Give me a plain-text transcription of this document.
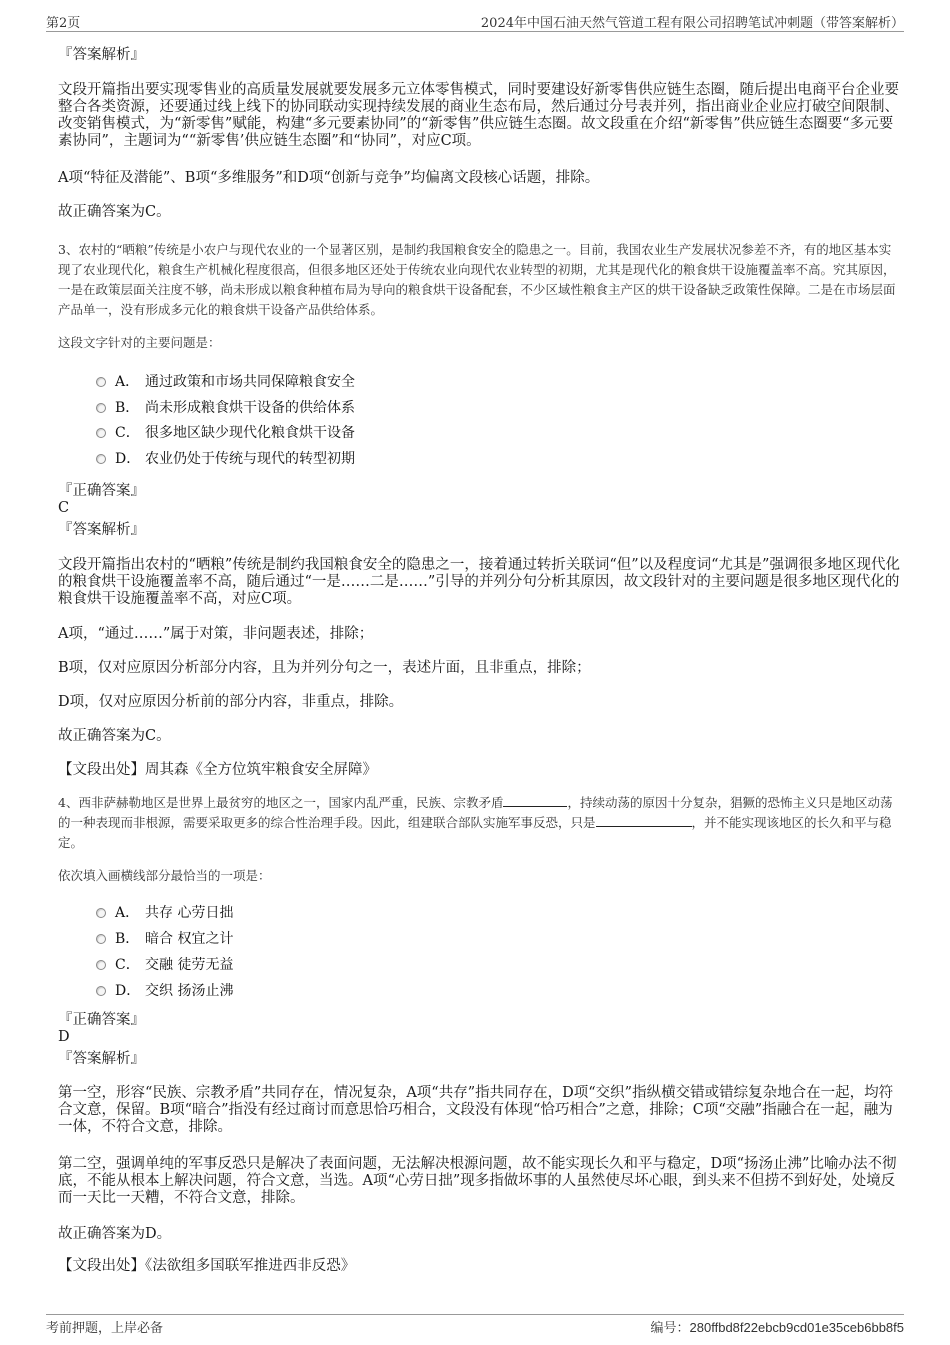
第2页	2024年中国石油天然气管道工程有限公司招聘笔试冲刺题（带答案解析）
『答案解析』
文段开篇指出要实现零售业的高质量发展就要发展多元立体零售模式，同时要建设好新零售供应链生态圈，随后提出电商平台企业要整合各类资源，还要通过线上线下的协同联动实现持续发展的商业生态布局，然后通过分号表并列，指出商业企业应打破空间限制、改变销售模式，为“新零售”赋能，构建“多元要素协同”的“新零售”供应链生态圈。故文段重在介绍“新零售”供应链生态圈要“多元要素协同”，主题词为““新零售’供应链生态圈”和“协同”，对应C项。
A项“特征及潜能”、B项“多维服务”和D项“创新与竞争”均偏离文段核心话题，排除。
故正确答案为C。
3、农村的“晒粮”传统是小农户与现代农业的一个显著区别，是制约我国粮食安全的隐患之一。目前，我国农业生产发展状况参差不齐，有的地区基本实现了农业现代化，粮食生产机械化程度很高，但很多地区还处于传统农业向现代农业转型的初期，尤其是现代化的粮食烘干设施覆盖率不高。究其原因，一是在政策层面关注度不够，尚未形成以粮食种植布局为导向的粮食烘干设备配套，不少区域性粮食主产区的烘干设备缺乏政策性保障。二是在市场层面产品单一，没有形成多元化的粮食烘干设备产品供给体系。
这段文字针对的主要问题是：
A． 通过政策和市场共同保障粮食安全
B． 尚未形成粮食烘干设备的供给体系
C． 很多地区缺少现代化粮食烘干设备
D． 农业仍处于传统与现代的转型初期
『正确答案』
C
『答案解析』
文段开篇指出农村的“晒粮”传统是制约我国粮食安全的隐患之一，接着通过转折关联词“但”以及程度词“尤其是”强调很多地区现代化的粮食烘干设施覆盖率不高，随后通过“一是……二是……”引导的并列分句分析其原因，故文段针对的主要问题是很多地区现代化的粮食烘干设施覆盖率不高，对应C项。
A项，“通过……”属于对策，非问题表述，排除；
B项，仅对应原因分析部分内容，且为并列分句之一，表述片面，且非重点，排除；
D项，仅对应原因分析前的部分内容，非重点，排除。
故正确答案为C。
【文段出处】周其森《全方位筑牢粮食安全屏障》
4、西非萨赫勒地区是世界上最贫穷的地区之一，国家内乱严重，民族、宗教矛盾	，持续动荡的原因十分复杂，猖獗的恐怖主义只是地区动荡的一种表现而非根源，需要采取更多的综合性治理手段。因此，组建联合部队实施军事反恐，只是	，并不能实现该地区的长久和平与稳定。
依次填入画横线部分最恰当的一项是：
A． 共存 心劳日拙
B． 暗合 权宜之计
C． 交融 徒劳无益
D． 交织 扬汤止沸
『正确答案』
D
『答案解析』
第一空，形容“民族、宗教矛盾”共同存在，情况复杂，A项“共存”指共同存在，D项“交织”指纵横交错或错综复杂地合在一起，均符合文意，保留。B项“暗合”指没有经过商讨而意思恰巧相合，文段没有体现“恰巧相合”之意，排除；C项“交融”指融合在一起，融为一体，不符合文意，排除。
第二空，强调单纯的军事反恐只是解决了表面问题，无法解决根源问题，故不能实现长久和平与稳定，D项“扬汤止沸”比喻办法不彻底，不能从根本上解决问题，符合文意，当选。A项“心劳日拙”现多指做坏事的人虽然使尽坏心眼，到头来不但捞不到好处，处境反而一天比一天糟，不符合文意，排除。
故正确答案为D。
【文段出处】《法欲组多国联军推进西非反恐》
考前押题，上岸必备	编号：280ffbd8f22ebcb9cd01e35ceb6bb8f5
